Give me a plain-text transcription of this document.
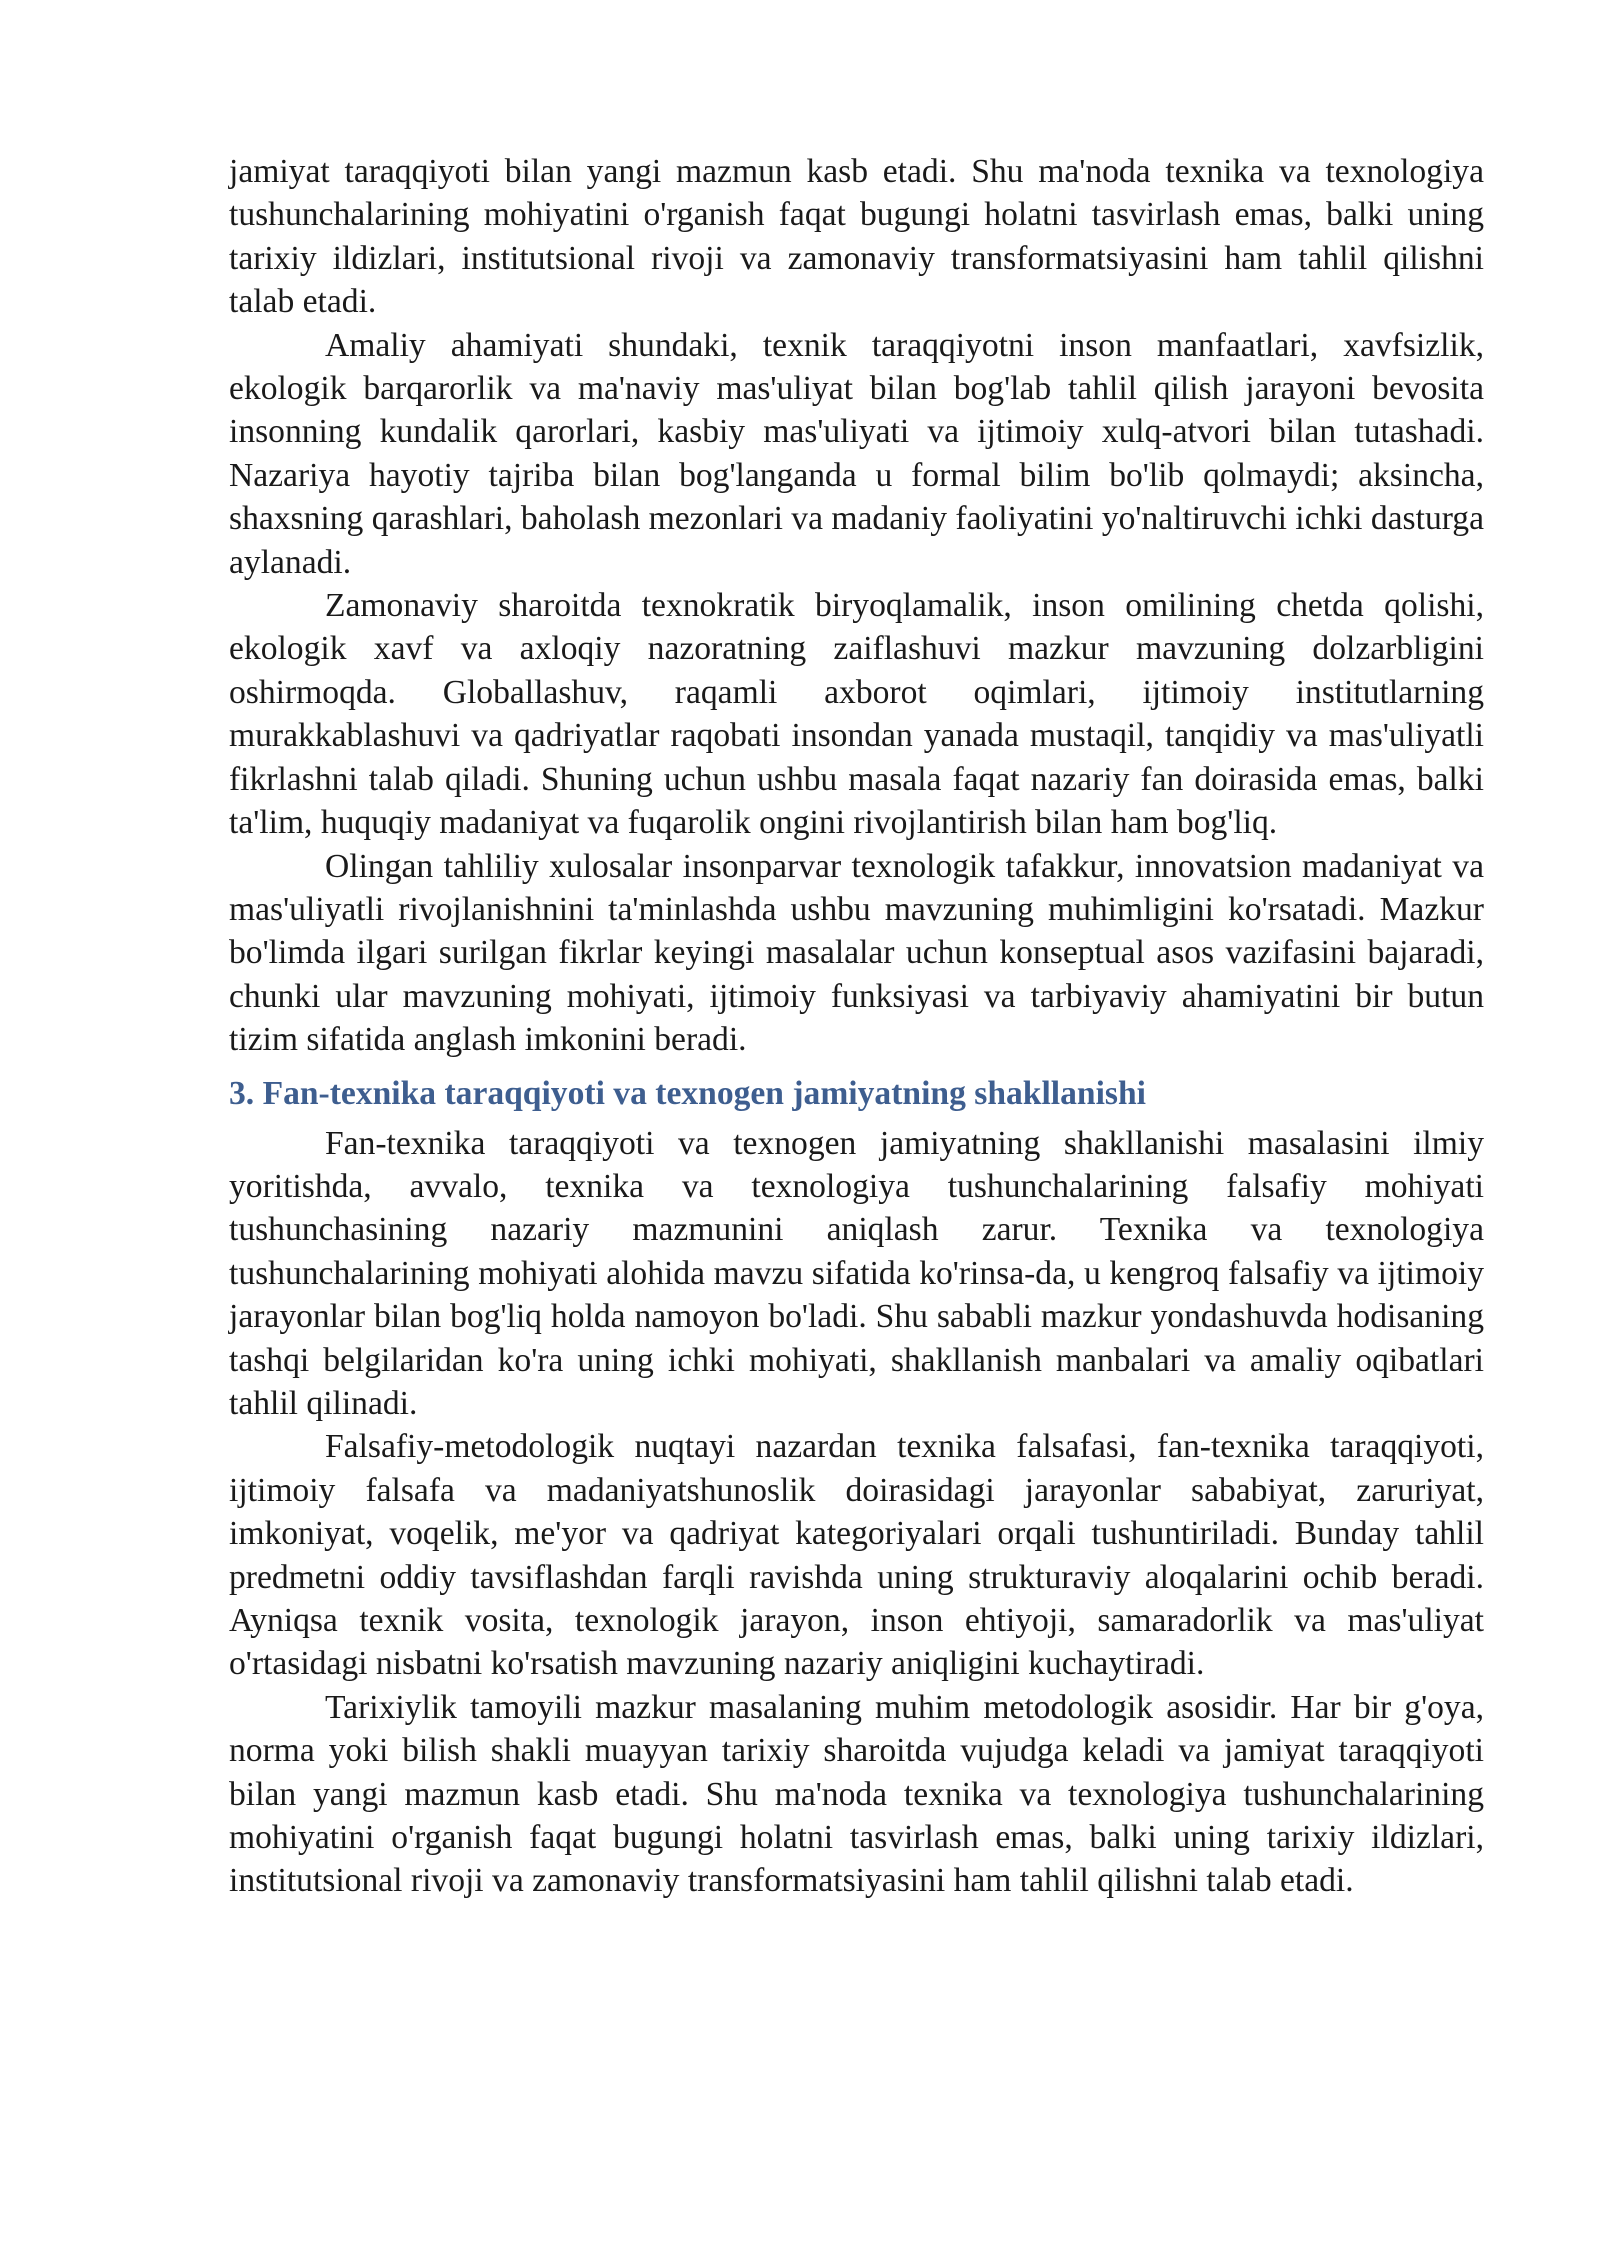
jamiyat taraqqiyoti bilan yangi mazmun kasb etadi. Shu ma'noda texnika va texnologiya tushunchalarining mohiyatini o'rganish faqat bugungi holatni tasvirlash emas, balki uning tarixiy ildizlari, institutsional rivoji va zamonaviy transformatsiyasini ham tahlil qilishni talab etadi.

Amaliy ahamiyati shundaki, texnik taraqqiyotni inson manfaatlari, xavfsizlik, ekologik barqarorlik va ma'naviy mas'uliyat bilan bog'lab tahlil qilish jarayoni bevosita insonning kundalik qarorlari, kasbiy mas'uliyati va ijtimoiy xulq-atvori bilan tutashadi. Nazariya hayotiy tajriba bilan bog'langanda u formal bilim bo'lib qolmaydi; aksincha, shaxsning qarashlari, baholash mezonlari va madaniy faoliyatini yo'naltiruvchi ichki dasturga aylanadi.

Zamonaviy sharoitda texnokratik biryoqlamalik, inson omilining chetda qolishi, ekologik xavf va axloqiy nazoratning zaiflashuvi mazkur mavzuning dolzarbligini oshirmoqda. Globallashuv, raqamli axborot oqimlari, ijtimoiy institutlarning murakkablashuvi va qadriyatlar raqobati insondan yanada mustaqil, tanqidiy va mas'uliyatli fikrlashni talab qiladi. Shuning uchun ushbu masala faqat nazariy fan doirasida emas, balki ta'lim, huquqiy madaniyat va fuqarolik ongini rivojlantirish bilan ham bog'liq.

Olingan tahliliy xulosalar insonparvar texnologik tafakkur, innovatsion madaniyat va mas'uliyatli rivojlanishnini ta'minlashda ushbu mavzuning muhimligini ko'rsatadi. Mazkur bo'limda ilgari surilgan fikrlar keyingi masalalar uchun konseptual asos vazifasini bajaradi, chunki ular mavzuning mohiyati, ijtimoiy funksiyasi va tarbiyaviy ahamiyatini bir butun tizim sifatida anglash imkonini beradi.

3. Fan-texnika taraqqiyoti va texnogen jamiyatning shakllanishi

Fan-texnika taraqqiyoti va texnogen jamiyatning shakllanishi masalasini ilmiy yoritishda, avvalo, texnika va texnologiya tushunchalarining falsafiy mohiyati tushunchasining nazariy mazmunini aniqlash zarur. Texnika va texnologiya tushunchalarining mohiyati alohida mavzu sifatida ko'rinsa-da, u kengroq falsafiy va ijtimoiy jarayonlar bilan bog'liq holda namoyon bo'ladi. Shu sababli mazkur yondashuvda hodisaning tashqi belgilaridan ko'ra uning ichki mohiyati, shakllanish manbalari va amaliy oqibatlari tahlil qilinadi.

Falsafiy-metodologik nuqtayi nazardan texnika falsafasi, fan-texnika taraqqiyoti, ijtimoiy falsafa va madaniyatshunoslik doirasidagi jarayonlar sababiyat, zaruriyat, imkoniyat, voqelik, me'yor va qadriyat kategoriyalari orqali tushuntiriladi. Bunday tahlil predmetni oddiy tavsiflashdan farqli ravishda uning strukturaviy aloqalarini ochib beradi. Ayniqsa texnik vosita, texnologik jarayon, inson ehtiyoji, samaradorlik va mas'uliyat o'rtasidagi nisbatni ko'rsatish mavzuning nazariy aniqligini kuchaytiradi.

Tarixiylik tamoyili mazkur masalaning muhim metodologik asosidir. Har bir g'oya, norma yoki bilish shakli muayyan tarixiy sharoitda vujudga keladi va jamiyat taraqqiyoti bilan yangi mazmun kasb etadi. Shu ma'noda texnika va texnologiya tushunchalarining mohiyatini o'rganish faqat bugungi holatni tasvirlash emas, balki uning tarixiy ildizlari, institutsional rivoji va zamonaviy transformatsiyasini ham tahlil qilishni talab etadi.
